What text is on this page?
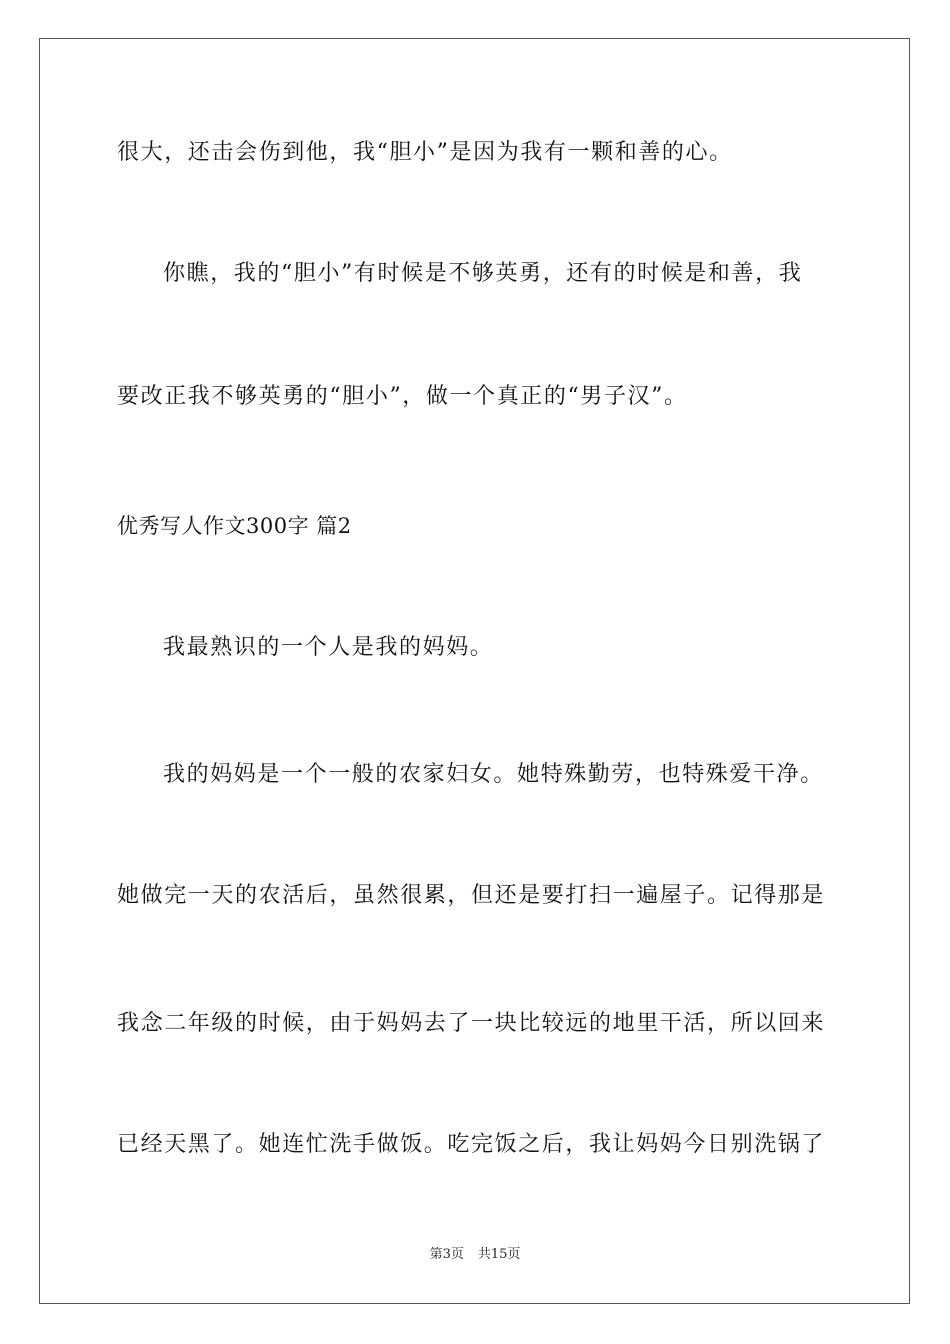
很大，还击会伤到他，我“胆小”是因为我有一颗和善的心。
你瞧，我的“胆小”有时候是不够英勇，还有的时候是和善，我
要改正我不够英勇的“胆小”，做一个真正的“男子汉”。
优秀写人作文300字 篇2
我最熟识的一个人是我的妈妈。
我的妈妈是一个一般的农家妇女。她特殊勤劳，也特殊爱干净。
她做完一天的农活后，虽然很累，但还是要打扫一遍屋子。记得那是
我念二年级的时候，由于妈妈去了一块比较远的地里干活，所以回来
已经天黑了。她连忙洗手做饭。吃完饭之后，我让妈妈今日别洗锅了
第3页 共15页
